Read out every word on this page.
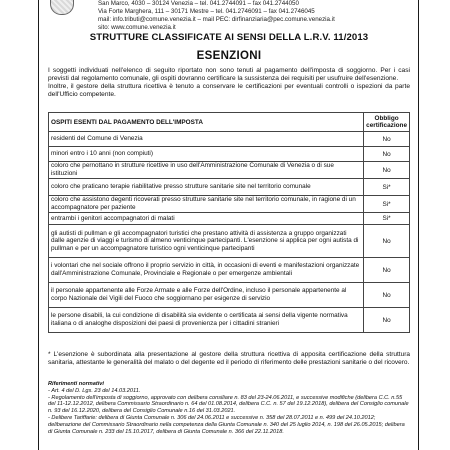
San Marco, 4030 – 30124 Venezia – tel. 041.2744091 – fax 041.2744050
Via Forte Marghera, 111 – 30171 Mestre – tel. 041.2746091 – fax 041.2746045
mail: info.tributi@comune.venezia.it – mail PEC: dirfinanziaria@pec.comune.venezia.it
sito: www.comune.venezia.it
STRUTTURE CLASSIFICATE AI SENSI DELLA L.R.V. 11/2013
ESENZIONI
I soggetti individuati nell'elenco di seguito riportato non sono tenuti al pagamento dell'imposta di soggiorno. Per i casi previsti dal regolamento comunale, gli ospiti dovranno certificare la sussistenza dei requisiti per usufruire dell'esenzione.
Inoltre, il gestore della struttura ricettiva è tenuto a conservare le certificazioni per eventuali controlli o ispezioni da parte dell'Ufficio competente.
OSPITI ESENTI DAL PAGAMENTO DELL'IMPOSTA	Obbligo certificazione
residenti del Comune di Venezia	No
minori entro i 10 anni (non compiuti)	No
coloro che pernottano in strutture ricettive in uso dell'Amministrazione Comunale di Venezia o di sue istituzioni	No
coloro che praticano terapie riabilitative presso strutture sanitarie site nel territorio comunale	Si*
coloro che assistono degenti ricoverati presso strutture sanitarie site nel territorio comunale, in ragione di un accompagnatore per paziente	Si*
entrambi i genitori accompagnatori di malati	Si*
gli autisti di pullman e gli accompagnatori turistici che prestano attività di assistenza a gruppo organizzati dalle agenzie di viaggi e turismo di almeno venticinque partecipanti. L'esenzione si applica per ogni autista di pullman e per un accompagnatore turistico ogni venticinque partecipanti	No
i volontari che nel sociale offrono il proprio servizio in città, in occasioni di eventi e manifestazioni organizzate dall'Amministrazione Comunale, Provinciale e Regionale o per emergenze ambientali	No
il personale appartenente alle Forze Armate e alle Forze dell'Ordine, incluso il personale appartenente al corpo Nazionale dei Vigili del Fuoco che soggiornano per esigenze di servizio	No
le persone disabili, la cui condizione di disabilità sia evidente o certificata ai sensi della vigente normativa italiana o di analoghe disposizioni dei paesi di provenienza per i cittadini stranieri	No
* L'esenzione è subordinata alla presentazione al gestore della struttura ricettiva di apposita certificazione della struttura sanitaria, attestante le generalità del malato o del degente ed il periodo di riferimento delle prestazioni sanitarie o del ricovero.
Riferimenti normativi
- Art. 4 del D. Lgs. 23 del 14.03.2011.
- Regolamento dell'imposta di soggiorno, approvato con delibera consiliare n. 83 del 23-24.06.2011, e successive modifiche (delibera C.C. n.55 del 11-12.12.2012, delibera Commissario Straordinario n. 64 del 01.08.2014, delibera C.C. n. 57 del 19.12.2018), delibera del Consiglio comunale n. 93 del 16.12.2020, delibera del Consiglio Comunale n.16 del 31.03.2021.
- Delibere Tariffarie: delibera di Giunta Comunale n. 306 del 24.06.2011 e successive n. 358 del 28.07.2011 e n. 499 del 24.10.2012; deliberazione del Commissario Straordinario nella competenza della Giunta Comunale n. 340 del 25 luglio 2014, n. 198 del 26.05.2015; delibera di Giunta Comunale n. 233 del 15.10.2017, delibera di Giunta Comunale n. 366 del 22.11.2018.
